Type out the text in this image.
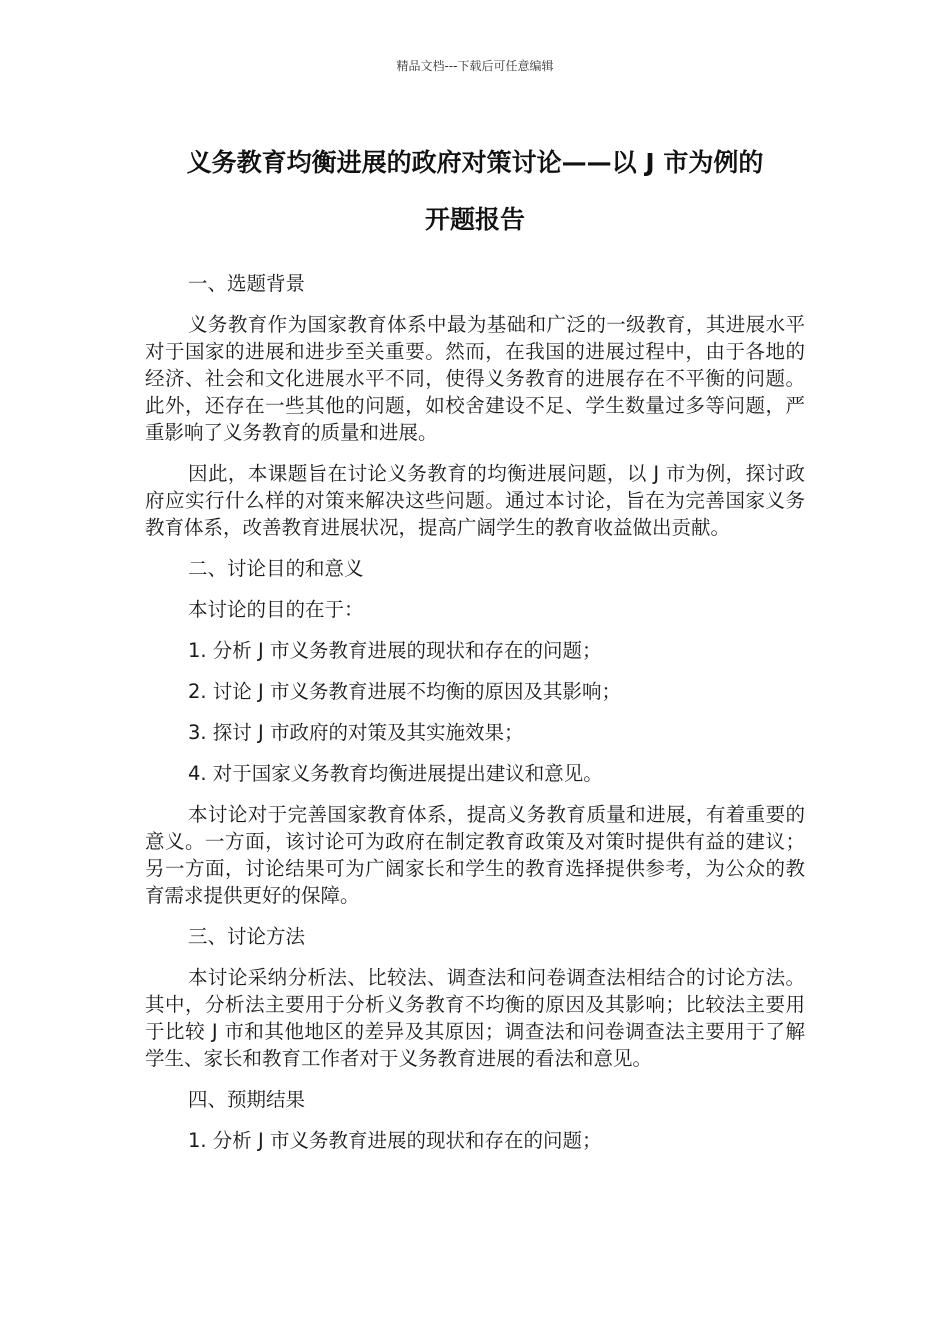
精品文档---下载后可任意编辑
义务教育均衡进展的政府对策讨论——以 J 市为例的
开题报告

一、选题背景

义务教育作为国家教育体系中最为基础和广泛的一级教育，其进展水平对于国家的进展和进步至关重要。然而，在我国的进展过程中，由于各地的经济、社会和文化进展水平不同，使得义务教育的进展存在不平衡的问题。此外，还存在一些其他的问题，如校舍建设不足、学生数量过多等问题，严重影响了义务教育的质量和进展。

因此，本课题旨在讨论义务教育的均衡进展问题，以 J 市为例，探讨政府应实行什么样的对策来解决这些问题。通过本讨论，旨在为完善国家义务教育体系，改善教育进展状况，提高广阔学生的教育收益做出贡献。

二、讨论目的和意义

本讨论的目的在于：

1. 分析 J 市义务教育进展的现状和存在的问题；

2. 讨论 J 市义务教育进展不均衡的原因及其影响；

3. 探讨 J 市政府的对策及其实施效果；

4. 对于国家义务教育均衡进展提出建议和意见。

本讨论对于完善国家教育体系，提高义务教育质量和进展，有着重要的意义。一方面，该讨论可为政府在制定教育政策及对策时提供有益的建议；另一方面，讨论结果可为广阔家长和学生的教育选择提供参考，为公众的教育需求提供更好的保障。

三、讨论方法

本讨论采纳分析法、比较法、调查法和问卷调查法相结合的讨论方法。其中，分析法主要用于分析义务教育不均衡的原因及其影响；比较法主要用于比较 J 市和其他地区的差异及其原因；调查法和问卷调查法主要用于了解学生、家长和教育工作者对于义务教育进展的看法和意见。

四、预期结果

1. 分析 J 市义务教育进展的现状和存在的问题；
